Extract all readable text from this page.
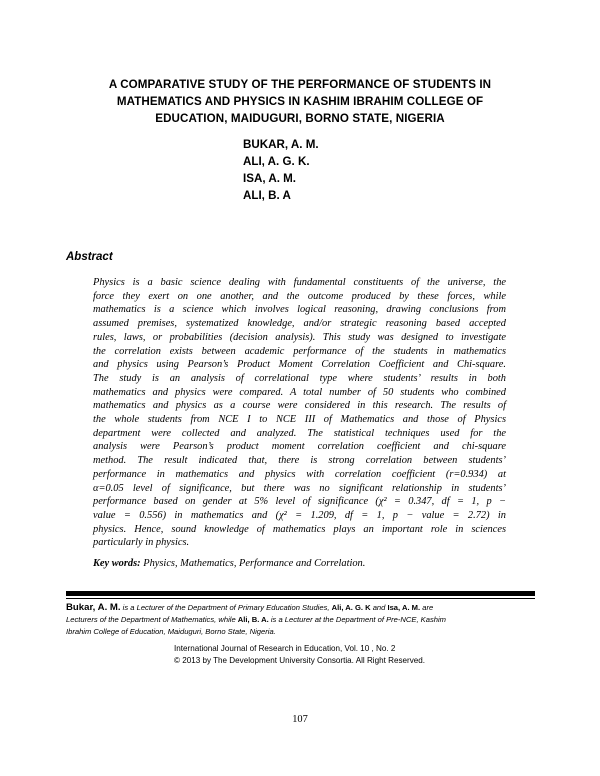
A COMPARATIVE STUDY OF THE PERFORMANCE OF STUDENTS IN
MATHEMATICS AND PHYSICS IN KASHIM IBRAHIM COLLEGE OF
EDUCATION, MAIDUGURI, BORNO STATE, NIGERIA
BUKAR, A. M.
ALI, A. G. K.
ISA, A. M.
ALI, B. A
Abstract
Physics is a basic science dealing with fundamental constituents of the universe, the
force they exert on one another, and the outcome produced by these forces, while
mathematics is a science which involves logical reasoning, drawing conclusions from
assumed premises, systematized knowledge, and/or strategic reasoning based accepted
rules, laws, or probabilities (decision analysis). This study was designed to investigate
the correlation exists between academic performance of the students in mathematics
and physics using Pearson’s Product Moment Correlation Coefficient and Chi-square.
The study is an analysis of correlational type where students’ results in both
mathematics and physics were compared. A total number of 50 students who combined
mathematics and physics as a course were considered in this research. The results of
the whole students from NCE I to NCE III of Mathematics and those of Physics
department were collected and analyzed. The statistical techniques used for the
analysis were Pearson’s product moment correlation coefficient and chi-square
method. The result indicated that, there is strong correlation between students’
performance in mathematics and physics with correlation coefficient (r=0.934) at
α=0.05 level of significance, but there was no significant relationship in students’
performance based on gender at 5% level of significance (χ² = 0.347, df = 1, p −
value = 0.556) in mathematics and (χ² = 1.209, df = 1, p − value = 2.72) in
physics. Hence, sound knowledge of mathematics plays an important role in sciences
particularly in physics.
Key words: Physics, Mathematics, Performance and Correlation.
Bukar, A. M. is a Lecturer of the Department of Primary Education Studies, Ali, A. G. K and Isa, A. M. are
Lecturers of the Department of Mathematics, while Ali, B. A. is a Lecturer at the Department of Pre-NCE, Kashim
Ibrahim College of Education, Maiduguri, Borno State, Nigeria.
International Journal of Research in Education, Vol. 10 , No. 2
© 2013 by The Development University Consortia. All Right Reserved.
107
